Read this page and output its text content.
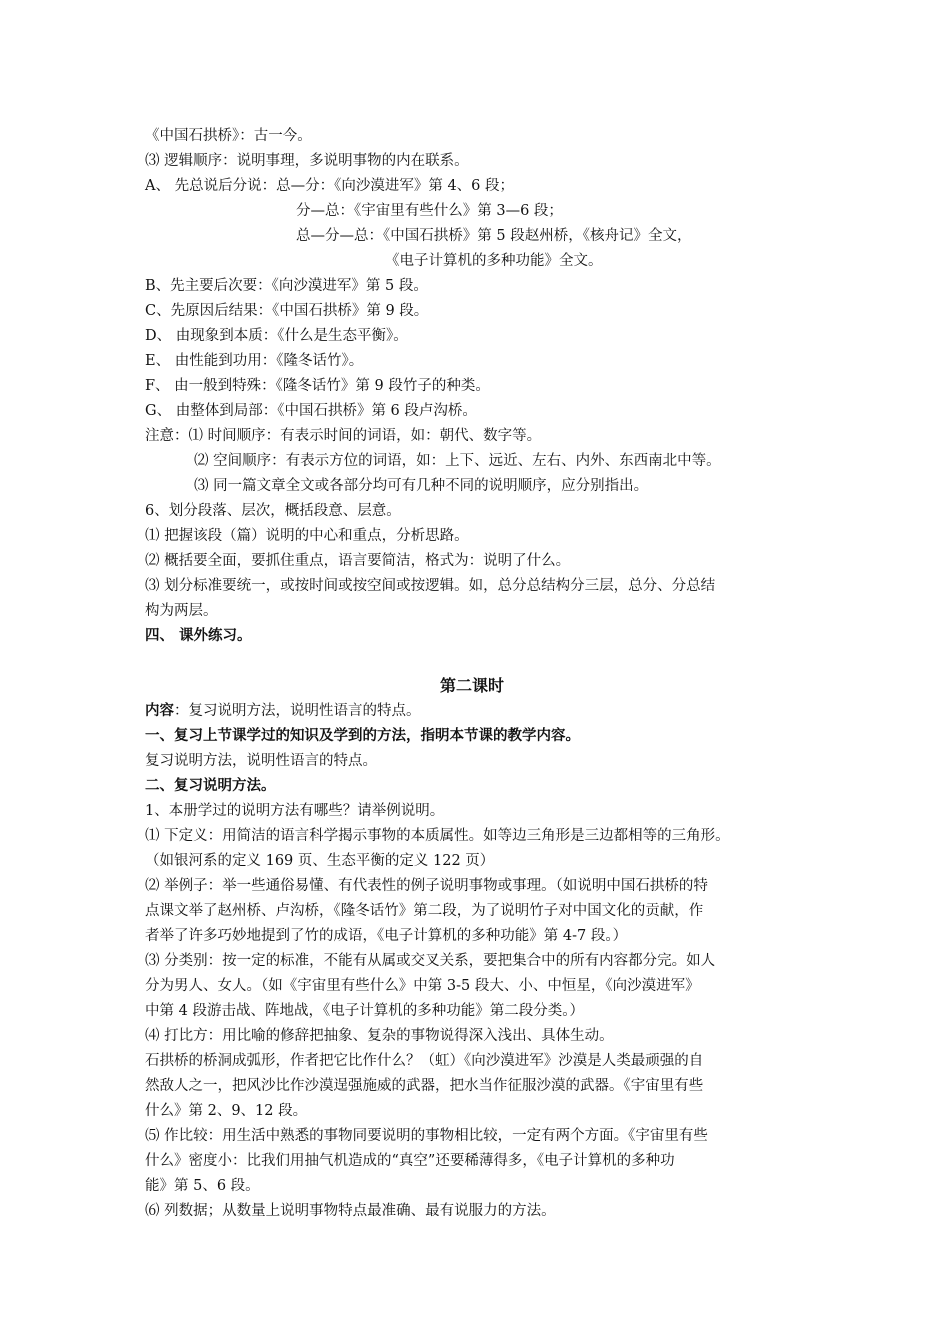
《中国石拱桥》：古一今。
⑶ 逻辑顺序：说明事理，多说明事物的内在联系。
A、 先总说后分说：总—分：《向沙漠进军》第 4、6 段；
分—总：《宇宙里有些什么》第 3—6 段；
总—分—总：《中国石拱桥》第 5 段赵州桥，《核舟记》全文，
《电子计算机的多种功能》全文。
B、先主要后次要：《向沙漠进军》第 5 段。
C、先原因后结果：《中国石拱桥》第 9 段。
D、 由现象到本质：《什么是生态平衡》。
E、 由性能到功用：《隆冬话竹》。
F、 由一般到特殊：《隆冬话竹》第 9 段竹子的种类。
G、 由整体到局部：《中国石拱桥》第 6 段卢沟桥。
注意：⑴ 时间顺序：有表示时间的词语，如：朝代、数字等。
⑵ 空间顺序：有表示方位的词语，如：上下、远近、左右、内外、东西南北中等。
⑶ 同一篇文章全文或各部分均可有几种不同的说明顺序，应分别指出。
6、划分段落、层次，概括段意、层意。
⑴ 把握该段（篇）说明的中心和重点，分析思路。
⑵ 概括要全面，要抓住重点，语言要简洁，格式为：说明了什么。
⑶ 划分标准要统一，或按时间或按空间或按逻辑。如，总分总结构分三层，总分、分总结
构为两层。
四、 课外练习。
第二课时
内容：复习说明方法，说明性语言的特点。
一、复习上节课学过的知识及学到的方法，指明本节课的教学内容。
复习说明方法，说明性语言的特点。
二、复习说明方法。
1、本册学过的说明方法有哪些？请举例说明。
⑴ 下定义：用简洁的语言科学揭示事物的本质属性。如等边三角形是三边都相等的三角形。
（如银河系的定义 169 页、生态平衡的定义 122 页）
⑵ 举例子：举一些通俗易懂、有代表性的例子说明事物或事理。（如说明中国石拱桥的特
点课文举了赵州桥、卢沟桥，《隆冬话竹》第二段，为了说明竹子对中国文化的贡献，作
者举了许多巧妙地提到了竹的成语，《电子计算机的多种功能》第 4-7 段。）
⑶ 分类别：按一定的标准，不能有从属或交叉关系，要把集合中的所有内容都分完。如人
分为男人、女人。（如《宇宙里有些什么》中第 3-5 段大、小、中恒星，《向沙漠进军》
中第 4 段游击战、阵地战，《电子计算机的多种功能》第二段分类。）
⑷ 打比方：用比喻的修辞把抽象、复杂的事物说得深入浅出、具体生动。
石拱桥的桥洞成弧形，作者把它比作什么？（虹）《向沙漠进军》沙漠是人类最顽强的自
然敌人之一，把风沙比作沙漠逞强施威的武器，把水当作征服沙漠的武器。《宇宙里有些
什么》第 2、9、12 段。
⑸ 作比较：用生活中熟悉的事物同要说明的事物相比较，一定有两个方面。《宇宙里有些
什么》密度小：比我们用抽气机造成的“真空”还要稀薄得多，《电子计算机的多种功
能》第 5、6 段。
⑹ 列数据；从数量上说明事物特点最准确、最有说服力的方法。
